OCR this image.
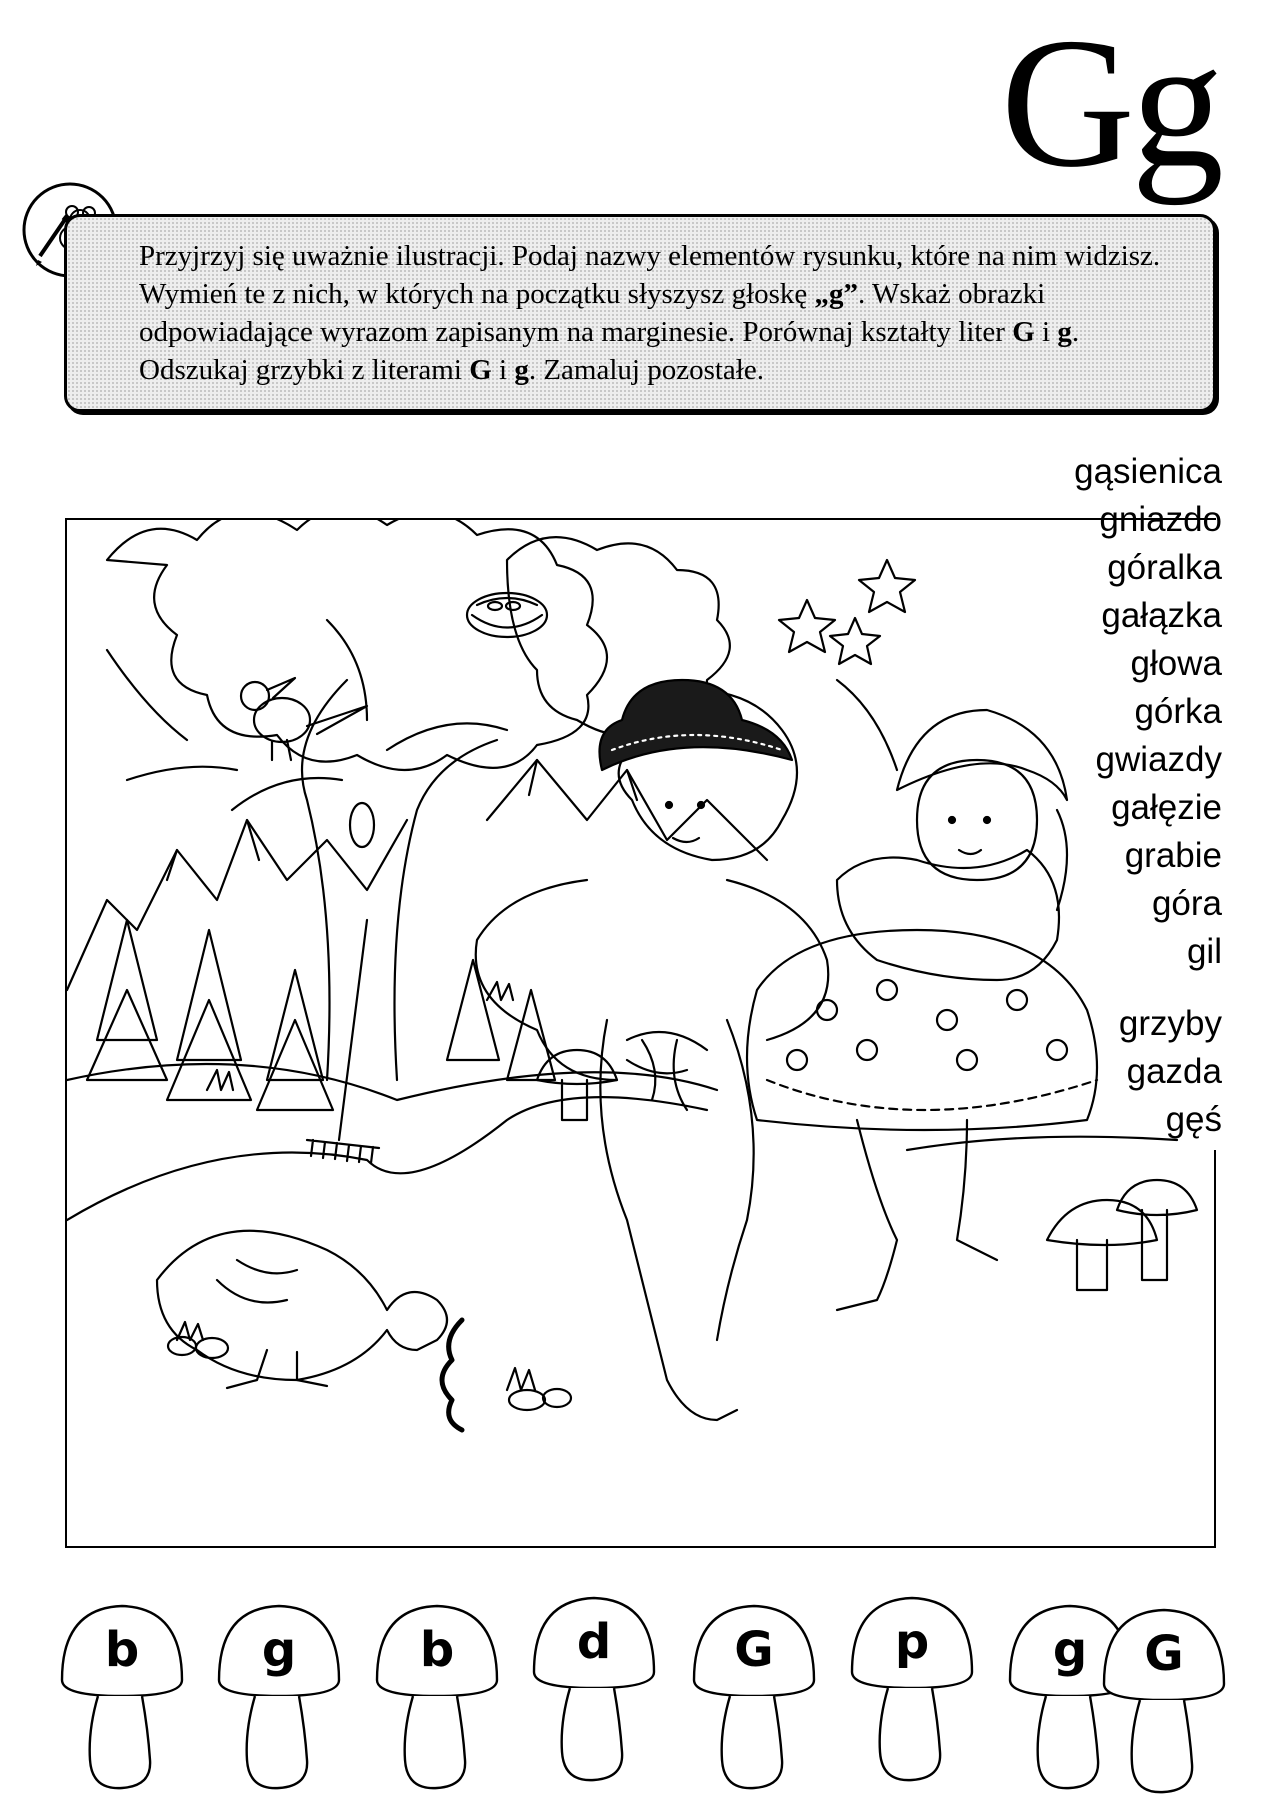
Gg

Przyjrzyj się uważnie ilustracji. Podaj nazwy elementów rysunku, które na nim widzisz. Wymień te z nich, w których na początku słyszysz głoskę „g”. Wskaż obrazki odpowiadające wyrazom zapisanym na marginesie. Porównaj kształty liter G i g. Odszukaj grzybki z literami G i g. Zamaluj pozostałe.

gąsienica
gniazdo
góralka
gałązka
głowa
górka
gwiazdy
gałęzie
grabie
góra
gil
grzyby
gazda
gęś
b	g	b	d	G	p	g	G
